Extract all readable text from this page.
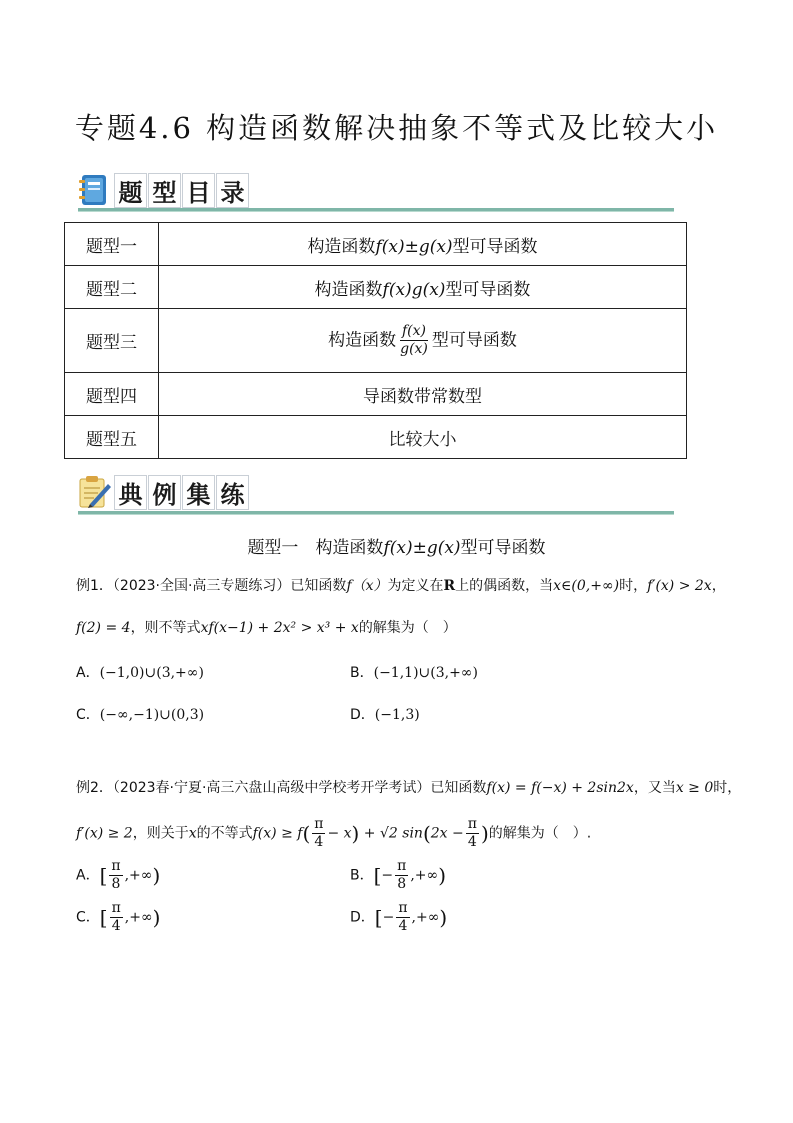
专题4.6 构造函数解决抽象不等式及比较大小
题 型 目 录
题型一	构造函数f(x)±g(x)型可导函数
题型二	构造函数f(x)g(x)型可导函数
题型三	构造函数 $\frac{f(x)}{g(x)}$ 型可导函数
题型四	导函数带常数型
题型五	比较大小
典 例 集 练
题型一　 构造函数f(x)±g(x)型可导函数
例1．（2023·全国·高三专题练习）已知函数f（x）为定义在R上的偶函数，当x∈(0,+∞)时，f′(x) > 2x，
f(2) = 4，则不等式xf(x−1) + 2x² > x³ + x的解集为（　）
A．(−1,0)∪(3,+∞)	B．(−1,1)∪(3,+∞)
C．(−∞,−1)∪(0,3)	D．(−1,3)
例2．（2023春·宁夏·高三六盘山高级中学校考开学考试）已知函数f(x) = f(−x) + 2sin2x，又当x ≥ 0时，
f′(x) ≥ 2，则关于x的不等式$f(x) \ge f( \frac{\pi}{4} - x) + √2$ $\sin(2x - \frac{\pi}{4}$ )的解集为（　）.
A．[ $\frac{\pi}{8}$ ,+∞)	B．[− $\frac{\pi}{8}$ ,+∞)
C．[ $\frac{\pi}{4}$ ,+∞)	D．[− $\frac{\pi}{4}$ ,+∞)
